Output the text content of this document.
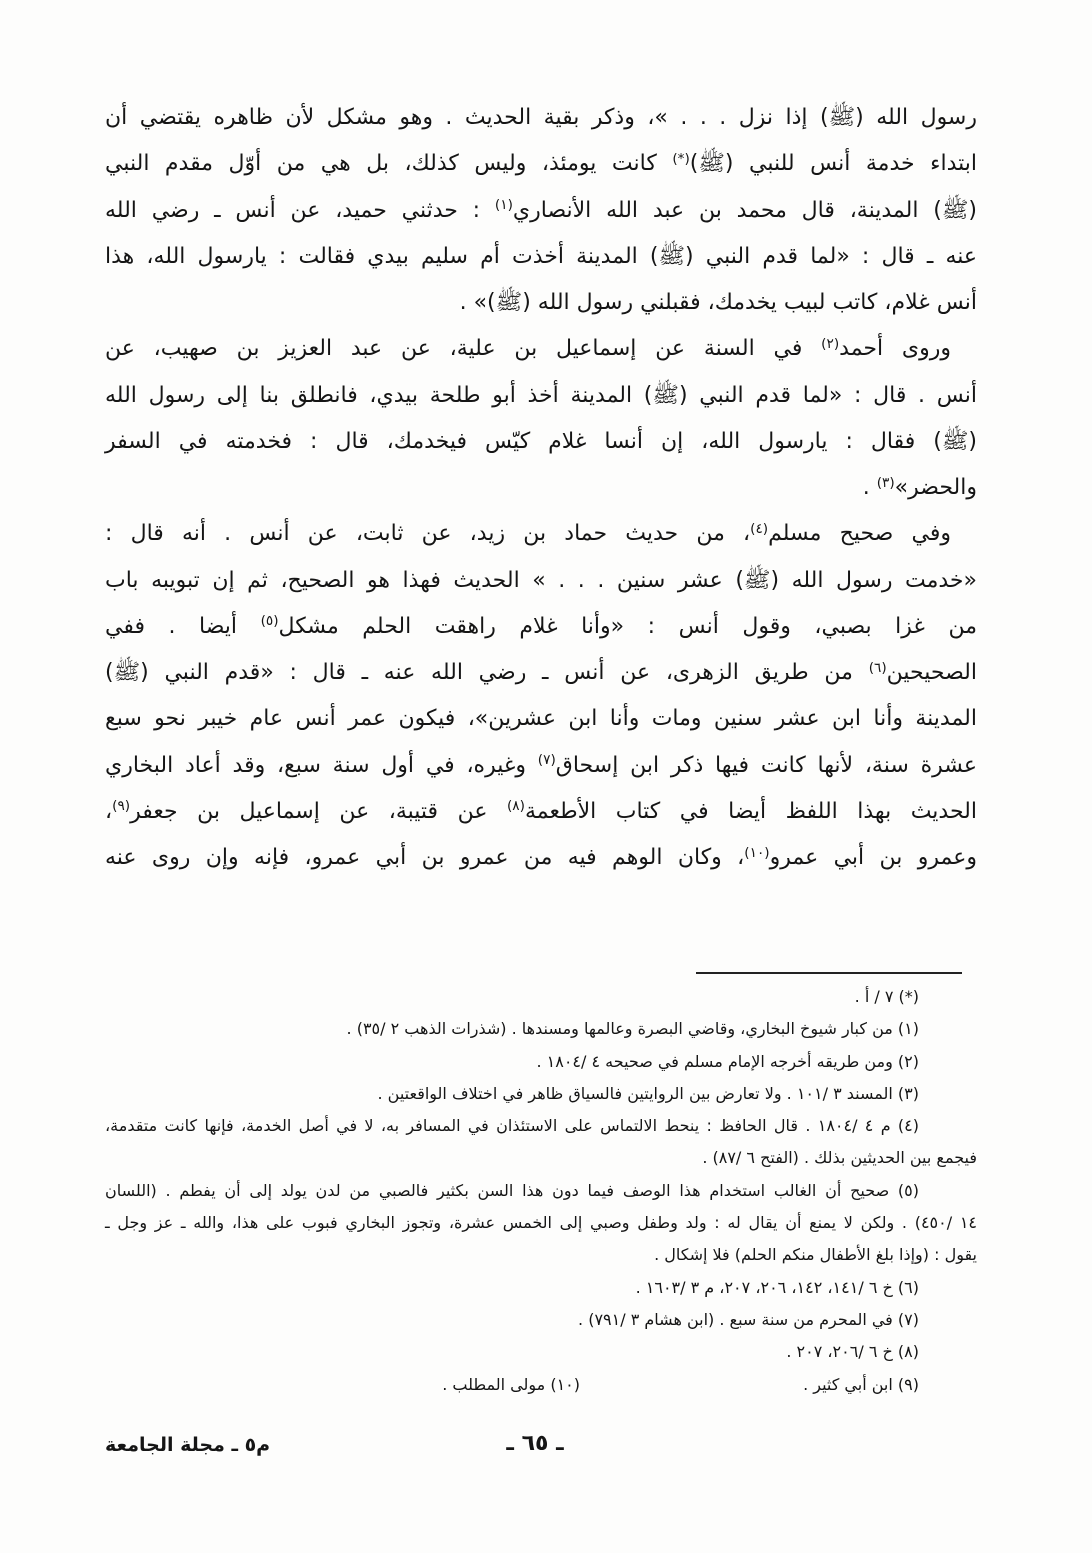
رسول الله (ﷺ) إذا نزل . . . »، وذكر بقية الحديث . وهو مشكل لأن ظاهره يقتضي أن
ابتداء خدمة أنس للنبي (ﷺ)(*) كانت يومئذ، وليس كذلك، بل هي من أوّل مقدم النبي
(ﷺ) المدينة، قال محمد بن عبد الله الأنصاري$^{(١)}$ : حدثني حميد، عن أنس ـ رضي الله
عنه ـ قال : «لما قدم النبي (ﷺ) المدينة أخذت أم سليم بيدي فقالت : يارسول الله، هذا
أنس غلام، كاتب لبيب يخدمك، فقبلني رسول الله (ﷺ)» .
وروى أحمد$^{(٢)}$ في السنة عن إسماعيل بن علية، عن عبد العزيز بن صهيب، عن
أنس . قال : «لما قدم النبي (ﷺ) المدينة أخذ أبو طلحة بيدي، فانطلق بنا إلى رسول الله
(ﷺ) فقال : يارسول الله، إن أنسا غلام كيّس فيخدمك، قال : فخدمته في السفر
والحضر»$^{(٣)}$ .
وفي صحيح مسلم$^{(٤)}$، من حديث حماد بن زيد، عن ثابت، عن أنس . أنه قال :
«خدمت رسول الله (ﷺ) عشر سنين . . . » الحديث فهذا هو الصحيح، ثم إن تبويبه باب
من غزا بصبي، وقول أنس : «وأنا غلام راهقت الحلم مشكل$^{(٥)}$ أيضا . ففي
الصحيحين$^{(٦)}$ من طريق الزهرى، عن أنس ـ رضي الله عنه ـ قال : «قدم النبي (ﷺ)
المدينة وأنا ابن عشر سنين ومات وأنا ابن عشرين»، فيكون عمر أنس عام خيبر نحو سبع
عشرة سنة، لأنها كانت فيها ذكر ابن إسحاق$^{(٧)}$ وغيره، في أول سنة سبع، وقد أعاد البخاري
الحديث بهذا اللفظ أيضا في كتاب الأطعمة$^{(٨)}$ عن قتيبة، عن إسماعيل بن جعفر$^{(٩)}$،
وعمرو بن أبي عمرو$^{(١٠)}$، وكان الوهم فيه من عمرو بن أبي عمرو، فإنه وإن روى عنه
(*) ٧ / أ .
(١) من كبار شيوخ البخاري، وقاضي البصرة وعالمها ومسندها . (شذرات الذهب ٢ /٣٥) .
(٢) ومن طريقه أخرجه الإمام مسلم في صحيحه ٤ /١٨٠٤ .
(٣) المسند ٣ /١٠١ . ولا تعارض بين الروايتين فالسياق ظاهر في اختلاف الواقعتين .
(٤) م ٤ /١٨٠٤ . قال الحافظ : ينحط الالتماس على الاستئذان في المسافر به، لا في أصل الخدمة، فإنها كانت متقدمة،
فيجمع بين الحديثين بذلك . (الفتح ٦ /٨٧) .
(٥) صحيح أن الغالب استخدام هذا الوصف فيما دون هذا السن بكثير فالصبي من لدن يولد إلى أن يفطم . (اللسان
١٤ /٤٥٠) . ولكن لا يمنع أن يقال له : ولد وطفل وصبي إلى الخمس عشرة، وتجوز البخاري فبوب على هذا، والله ـ عز وجل ـ
يقول : (وإذا بلغ الأطفال منكم الحلم) فلا إشكال .
(٦) خ ٦ /١٤١، ١٤٢، ٢٠٦، ٢٠٧، م ٣ /١٦٠٣ .
(٧) في المحرم من سنة سبع . (ابن هشام ٣ /٧٩١) .
(٨) خ ٦ /٢٠٦، ٢٠٧ .
(٩) ابن أبي كثير .
(١٠) مولى المطلب .
م٥ ـ مجلة الجامعة	ـ ٦٥ ـ
